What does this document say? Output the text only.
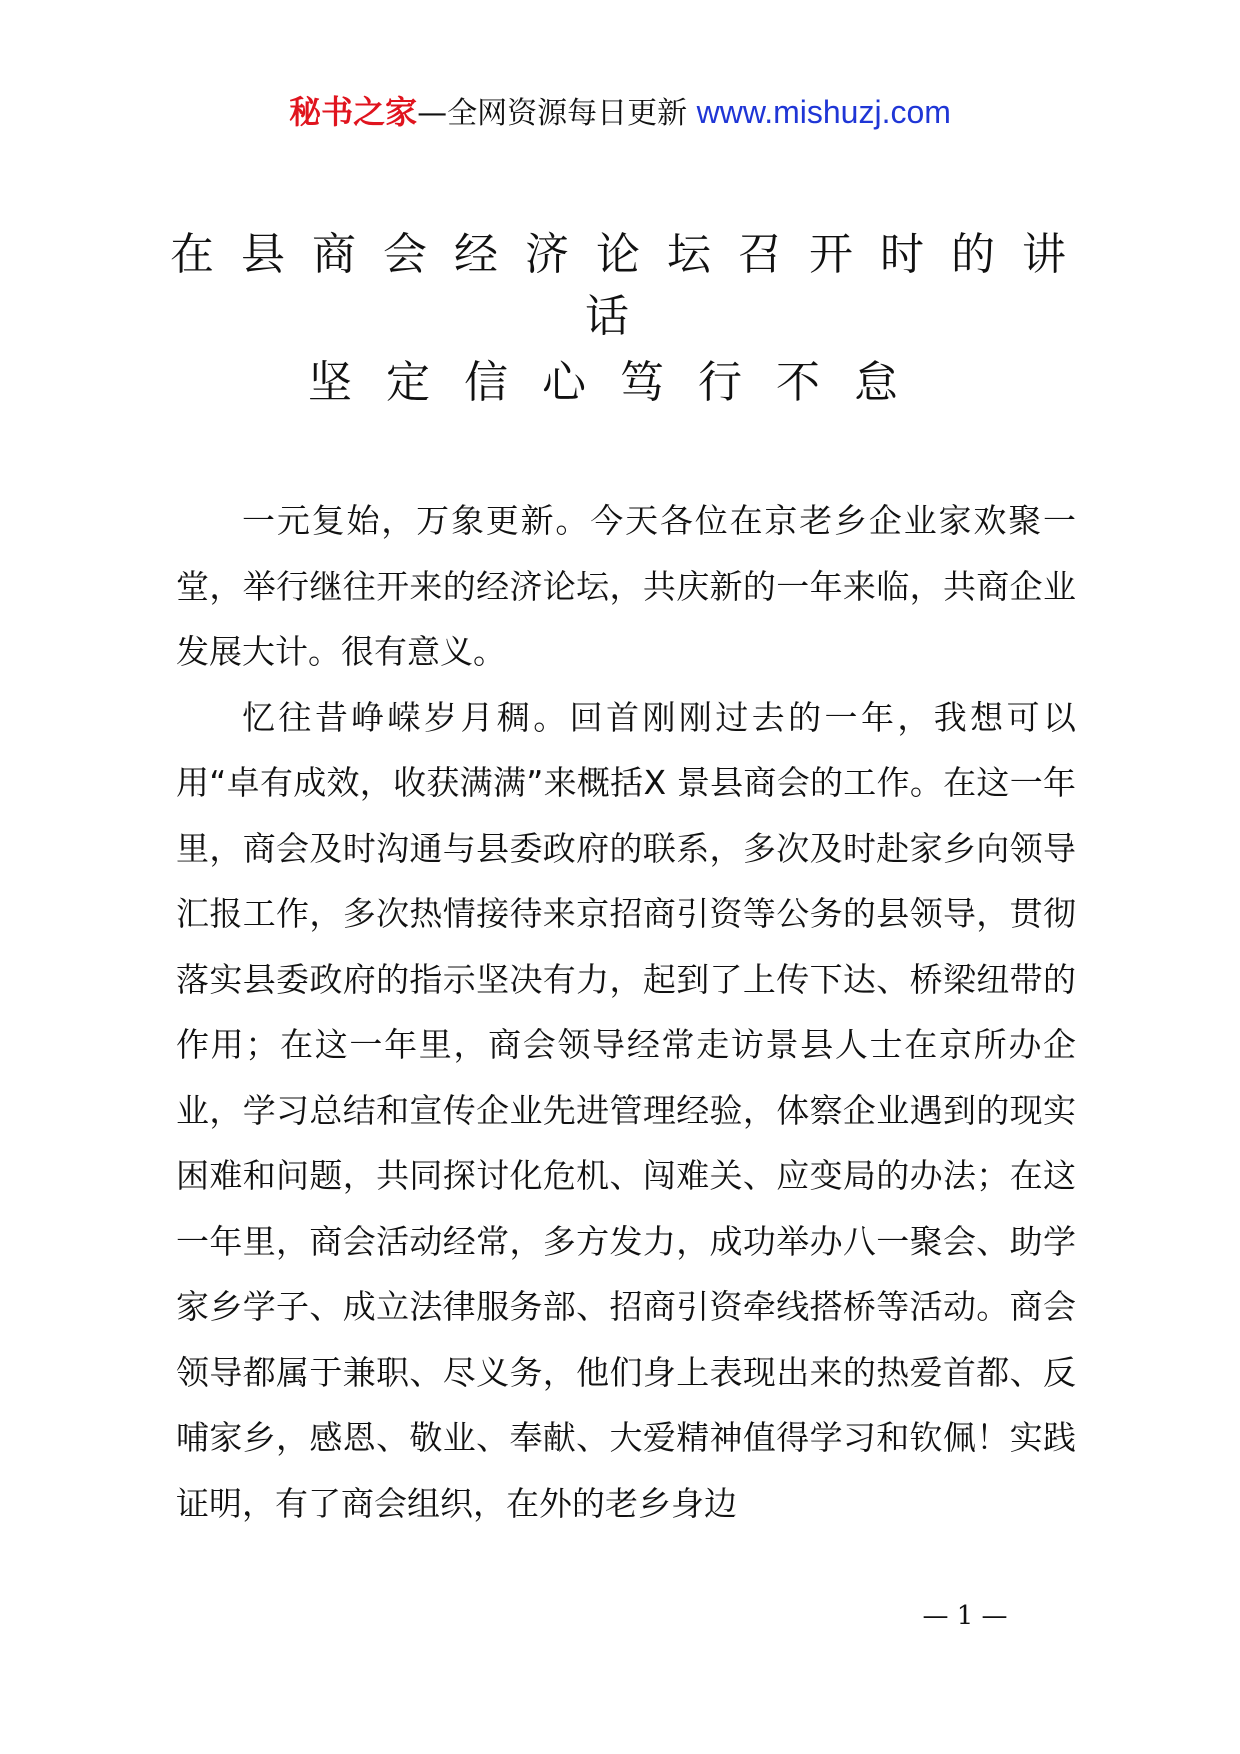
秘书之家—全网资源每日更新 www.mishuzj.com
在县商会经济论坛召开时的讲
话
坚定信心笃行不怠

一元复始，万象更新。今天各位在京老乡企业家欢聚一堂，举行继往开来的经济论坛，共庆新的一年来临，共商企业发展大计。很有意义。

忆往昔峥嵘岁月稠。回首刚刚过去的一年，我想可以用“卓有成效，收获满满”来概括X 景县商会的工作。在这一年里，商会及时沟通与县委政府的联系，多次及时赴家乡向领导汇报工作，多次热情接待来京招商引资等公务的县领导，贯彻落实县委政府的指示坚决有力，起到了上传下达、桥梁纽带的作用；在这一年里，商会领导经常走访景县人士在京所办企业，学习总结和宣传企业先进管理经验，体察企业遇到的现实困难和问题，共同探讨化危机、闯难关、应变局的办法；在这一年里，商会活动经常，多方发力，成功举办八一聚会、助学家乡学子、成立法律服务部、招商引资牵线搭桥等活动。商会领导都属于兼职、尽义务，他们身上表现出来的热爱首都、反哺家乡，感恩、敬业、奉献、大爱精神值得学习和钦佩！实践证明，有了商会组织，在外的老乡身边

— 1 —
